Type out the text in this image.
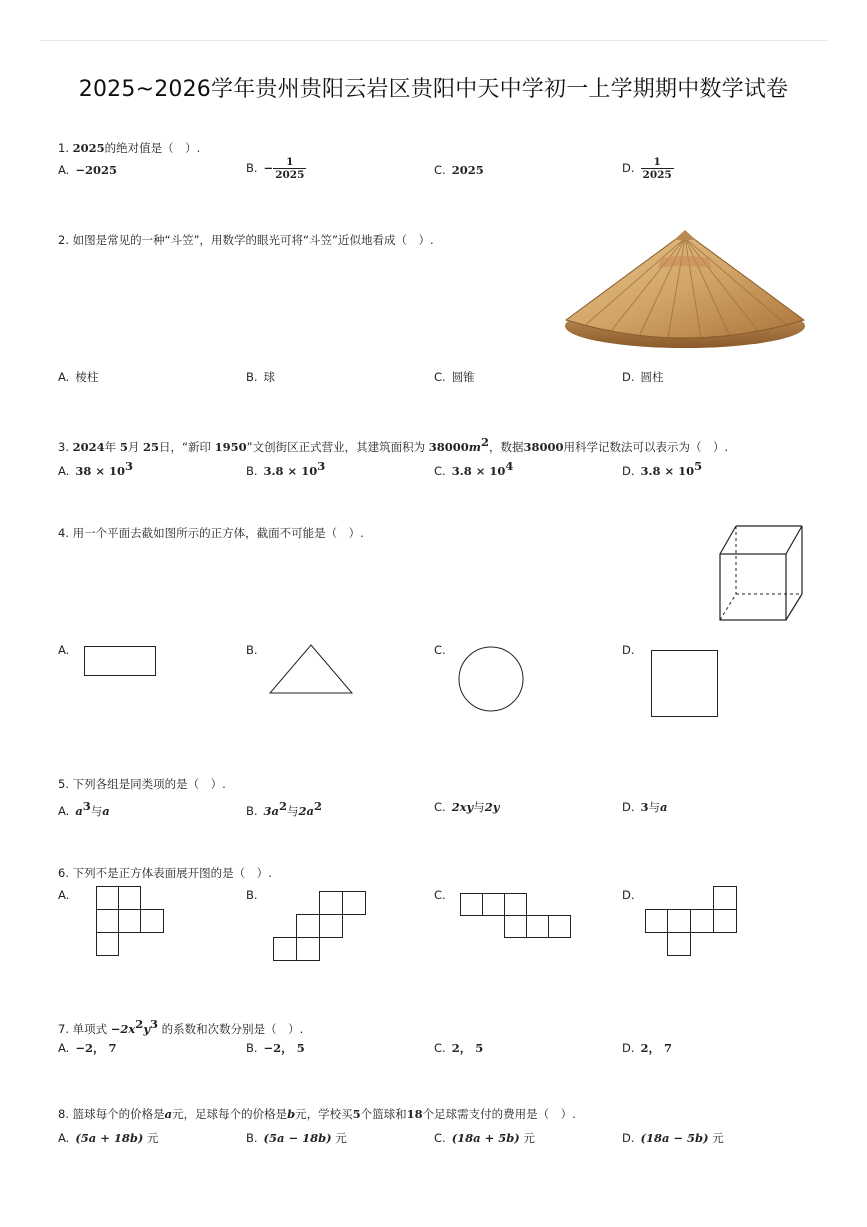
2025~2026学年贵州贵阳云岩区贵阳中天中学初一上学期期中数学试卷
1. 2025的绝对值是（　）.
A. −2025	B. − $\frac{1}{2025}$	C. 2025	D. $\frac{1}{2025}$
2. 如图是常见的一种“斗笠”，用数学的眼光可将“斗笠”近似地看成（　）.
A. 棱柱	B. 球	C. 圆锥	D. 圆柱
3. 2024年 5月 25日，“新印 1950”文创街区正式营业，其建筑面积为 $38000m^2$，数据38000用科学记数法可以表示为（　）.
A. $38 \times 10^3$	B. $3.8 \times 10^3$	C. $3.8 \times 10^4$	D. $3.8 \times 10^5$
4. 用一个平面去截如图所示的正方体，截面不可能是（　）.
A.	B.	C.	D.
5. 下列各组是同类项的是（　）.
A. $a^3$与a	B. $3a^2$与$2a^2$	C. 2xy与2y	D. 3与a
6. 下列不是正方体表面展开图的是（　）.
A.	B.	C.	D.
7. 单项式 $-2x^2y^3$ 的系数和次数分别是（　）.
A. −2， 7	B. −2， 5	C. 2， 5	D. 2， 7
8. 篮球每个的价格是a元，足球每个的价格是b元，学校买5个篮球和18个足球需支付的费用是（　）.
A. (5a + 18b) 元	B. (5a − 18b) 元	C. (18a + 5b) 元	D. (18a − 5b) 元
